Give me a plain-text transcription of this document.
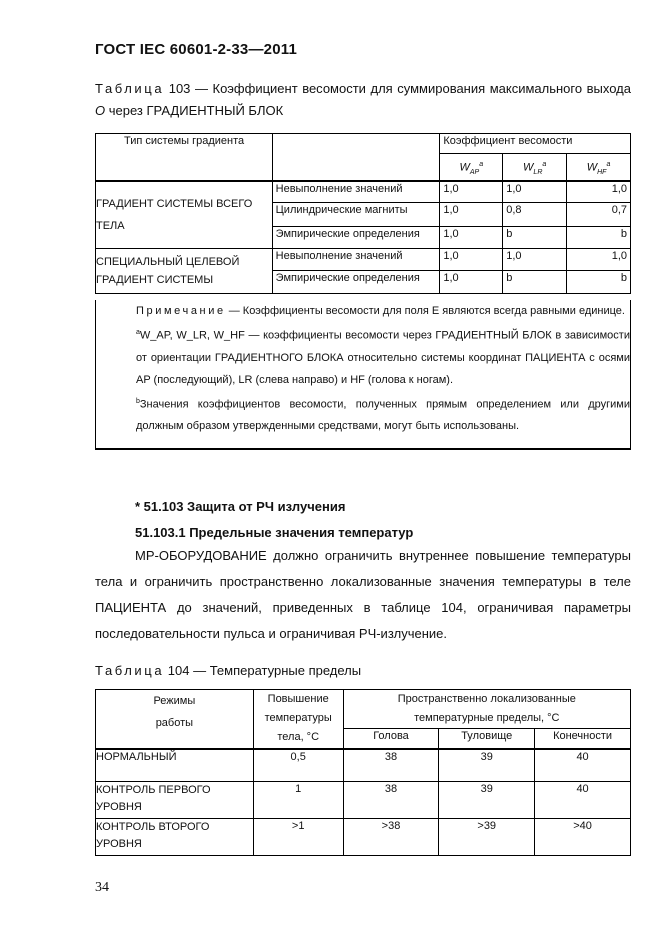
ГОСТ IEC 60601-2-33—2011
Таблица 103 — Коэффициент весомости для суммирования максимального выхода O через ГРАДИЕНТНЫЙ БЛОК
Тип системы градиента		Коэффициент весомости		
		$W_{AP}^a$	$W_{LR}^a$	$W_{HF}^a$
ГРАДИЕНТ СИСТЕМЫ ВСЕГО ТЕЛА	Невыполнение значений	1,0	1,0	1,0
	Цилиндрические магниты	1,0	0,8	0,7
	Эмпирические определения	1,0	b	b
СПЕЦИАЛЬНЫЙ ЦЕЛЕВОЙ ГРАДИЕНТ СИСТЕМЫ	Невыполнение значений	1,0	1,0	1,0
	Эмпирические определения	1,0	b	b

Примечание — Коэффициенты весомости для поля E являются всегда равными единице.

$^a$W_AP, W_LR, W_HF — коэффициенты весомости через ГРАДИЕНТНЫЙ БЛОК в зависимости от ориентации ГРАДИЕНТНОГО БЛОКА относительно системы координат ПАЦИЕНТА с осями AP (последующий), LR (слева направо) и HF (голова к ногам).

$^b$Значения коэффициентов весомости, полученных прямым определением или другими должным образом утвержденными средствами, могут быть использованы.

* 51.103 Защита от РЧ излучения
51.103.1 Предельные значения температур
МР-ОБОРУДОВАНИЕ должно ограничить внутреннее повышение температуры тела и ограничить пространственно локализованные значения температуры в теле ПАЦИЕНТА до значений, приведенных в таблице 104, ограничивая параметры последовательности пульса и ограничивая РЧ-излучение.
Таблица 104 — Температурные пределы
Режимы работы	Повышение температуры тела, °С	Пространственно локализованные температурные пределы, °С		
		Голова	Туловище	Конечности
НОРМАЛЬНЫЙ	0,5	38	39	40
КОНТРОЛЬ ПЕРВОГО УРОВНЯ	1	38	39	40
КОНТРОЛЬ ВТОРОГО УРОВНЯ	>1	>38	>39	>40
34
